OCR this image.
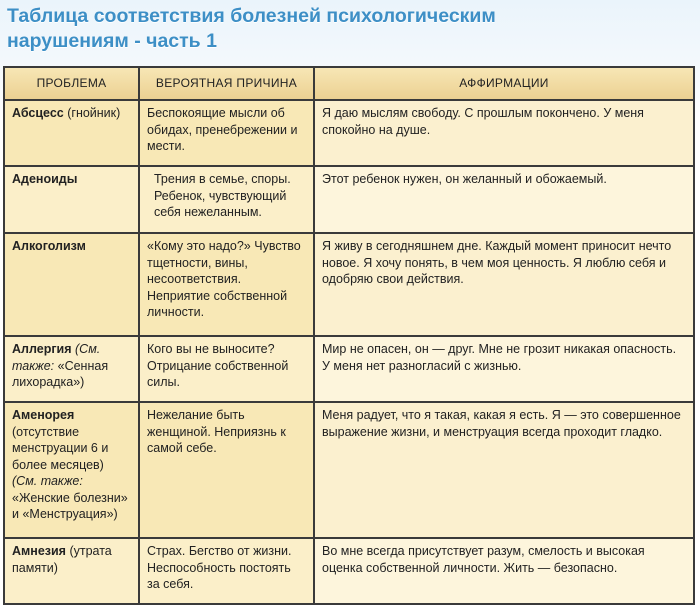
Таблица соответствия болезней психологическим нарушениям - часть 1
ПРОБЛЕМА	ВЕРОЯТНАЯ ПРИЧИНА	АФФИРМАЦИИ
Абсцесс (гнойник)	Беспокоящие мысли об обидах, пренебрежении и мести.	Я даю мыслям свободу. С прошлым покончено. У меня спокойно на душе.
Аденоиды	Трения в семье, споры. Ребенок, чувствующий себя нежеланным.	Этот ребенок нужен, он желанный и обожаемый.
Алкоголизм	«Кому это надо?» Чувство тщетности, вины, несоответствия. Неприятие собственной личности.	Я живу в сегодняшнем дне. Каждый момент приносит нечто новое. Я хочу понять, в чем моя ценность. Я люблю себя и одобряю свои действия.
Аллергия (См. также: «Сенная лихорадка»)	Кого вы не выносите? Отрицание собственной силы.	Мир не опасен, он — друг. Мне не грозит никакая опасность. У меня нет разногласий с жизнью.
Аменорея (отсутствие менструации 6 и более месяцев) (См. также: «Женские болезни» и «Менструация»)	Нежелание быть женщиной. Неприязнь к самой себе.	Меня радует, что я такая, какая я есть. Я — это совершенное выражение жизни, и менструация всегда проходит гладко.
Амнезия (утрата памяти)	Страх. Бегство от жизни. Неспособность постоять за себя.	Во мне всегда присутствует разум, смелость и высокая оценка собственной личности. Жить — безопасно.
